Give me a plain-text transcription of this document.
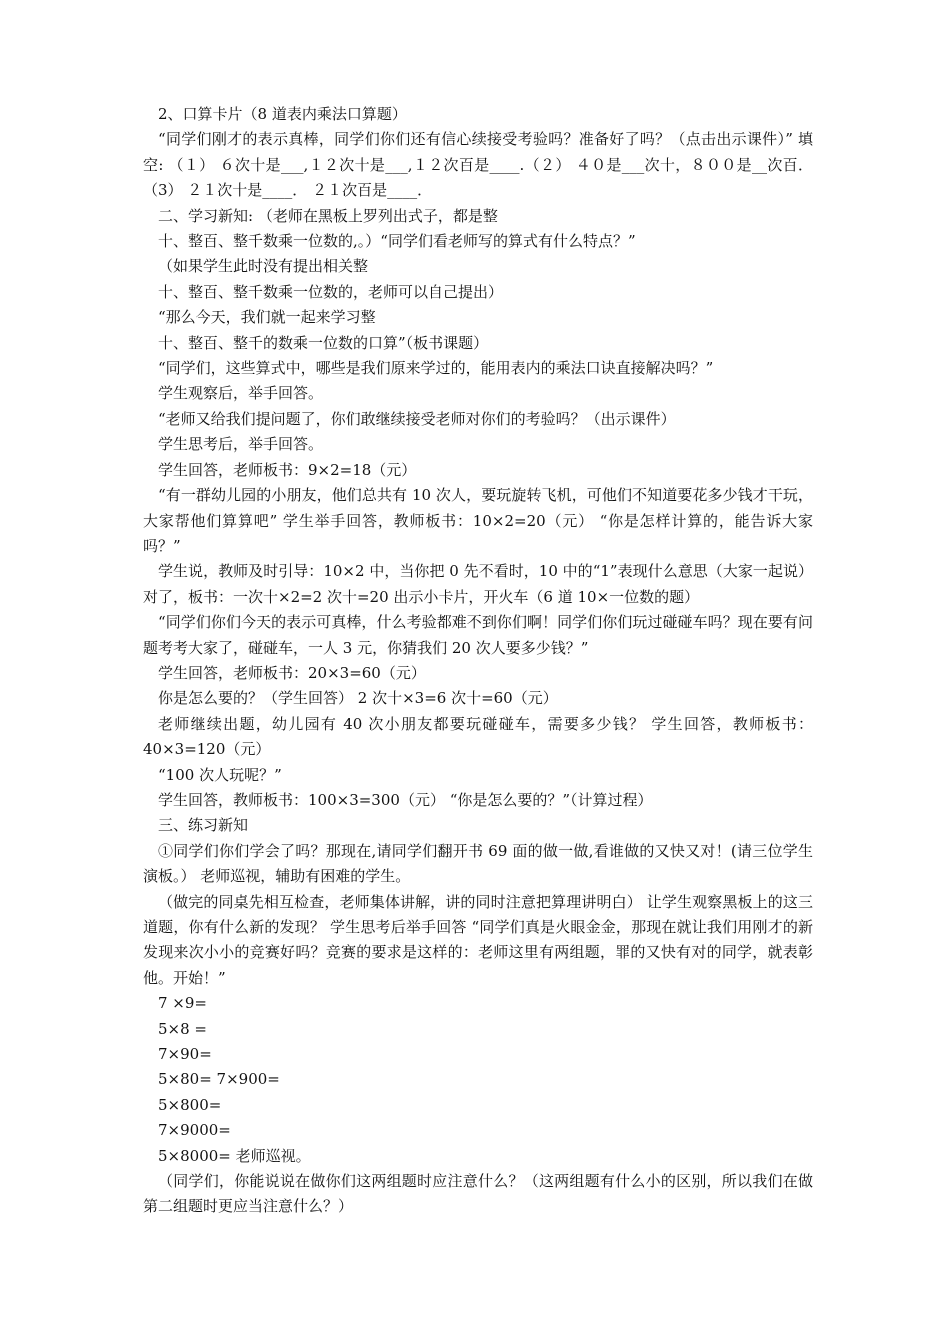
2、口算卡片（8 道表内乘法口算题）

“同学们刚才的表示真棒，同学们你们还有信心续接受考验吗？准备好了吗？（点击出示课件）” 填空: （１） ６次十是___,１２次十是___,１２次百是____.（２） ４０是___次十，８００是__次百． （3） ２１次十是____． ２１次百是____．

二、学习新知: （老师在黑板上罗列出式子，都是整

十、整百、整千数乘一位数的,。）“同学们看老师写的算式有什么特点？”

（如果学生此时没有提出相关整

十、整百、整千数乘一位数的，老师可以自己提出）

“那么今天，我们就一起来学习整

十、整百、整千的数乘一位数的口算”（板书课题）

“同学们，这些算式中，哪些是我们原来学过的，能用表内的乘法口诀直接解决吗？”

学生观察后，举手回答。

“老师又给我们提问题了，你们敢继续接受老师对你们的考验吗？（出示课件）

学生思考后，举手回答。

学生回答，老师板书：9×2=18（元）

“有一群幼儿园的小朋友，他们总共有 10 次人，要玩旋转飞机，可他们不知道要花多少钱才干玩，大家帮他们算算吧” 学生举手回答，教师板书：10×2=20（元） “你是怎样计算的，能告诉大家吗？”

学生说，教师及时引导：10×2 中，当你把 0 先不看时，10 中的“1”表现什么意思（大家一起说）对了，板书：一次十×2=2 次十=20 出示小卡片，开火车（6 道 10×一位数的题）

“同学们你们今天的表示可真棒，什么考验都难不到你们啊！同学们你们玩过碰碰车吗？现在要有问题考考大家了，碰碰车，一人 3 元，你猜我们 20 次人要多少钱？”

学生回答，老师板书：20×3=60（元）

你是怎么要的？（学生回答） 2 次十×3=6 次十=60（元）

老师继续出题，幼儿园有 40 次小朋友都要玩碰碰车，需要多少钱？ 学生回答，教师板书：40×3=120（元）

“100 次人玩呢？”

学生回答，教师板书：100×3=300（元） “你是怎么要的？”（计算过程）

三、练习新知

①同学们你们学会了吗？那现在,请同学们翻开书 69 面的做一做,看谁做的又快又对！(请三位学生演板。） 老师巡视，辅助有困难的学生。

（做完的同桌先相互检查，老师集体讲解，讲的同时注意把算理讲明白） 让学生观察黑板上的这三道题，你有什么新的发现？ 学生思考后举手回答 “同学们真是火眼金金，那现在就让我们用刚才的新发现来次小小的竞赛好吗？竞赛的要求是这样的：老师这里有两组题，罪的又快有对的同学，就表彰他。开始！”

7 ×9=

5×8 =

7×90=

5×80= 7×900=

5×800=

7×9000=

5×8000= 老师巡视。

（同学们，你能说说在做你们这两组题时应注意什么？（这两组题有什么小的区别，所以我们在做第二组题时更应当注意什么？）
